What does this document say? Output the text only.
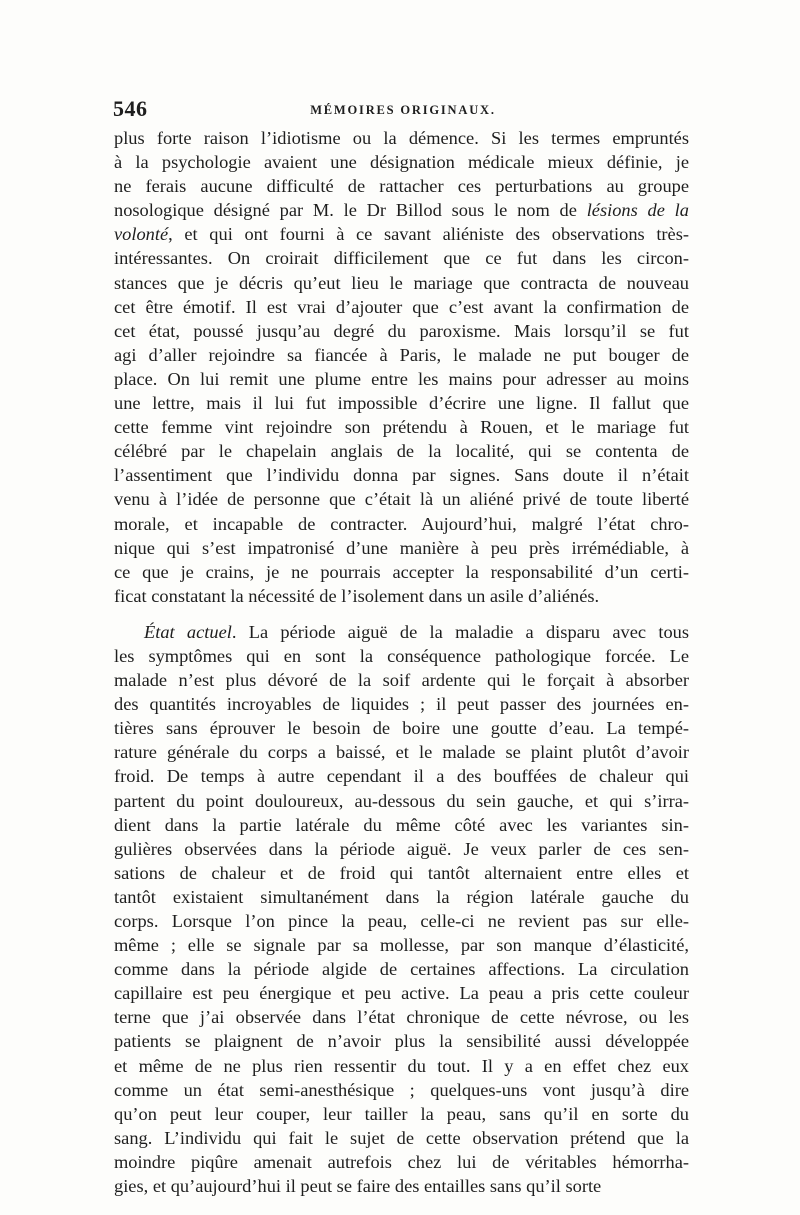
546	MÉMOIRES ORIGINAUX.
plus forte raison l’idiotisme ou la démence. Si les termes empruntés
à la psychologie avaient une désignation médicale mieux définie, je
ne ferais aucune difficulté de rattacher ces perturbations au groupe
nosologique désigné par M. le Dr Billod sous le nom de lésions de la
volonté, et qui ont fourni à ce savant aliéniste des observations très-
intéressantes. On croirait difficilement que ce fut dans les circon-
stances que je décris qu’eut lieu le mariage que contracta de nouveau
cet être émotif. Il est vrai d’ajouter que c’est avant la confirmation de
cet état, poussé jusqu’au degré du paroxisme. Mais lorsqu’il se fut
agi d’aller rejoindre sa fiancée à Paris, le malade ne put bouger de
place. On lui remit une plume entre les mains pour adresser au moins
une lettre, mais il lui fut impossible d’écrire une ligne. Il fallut que
cette femme vint rejoindre son prétendu à Rouen, et le mariage fut
célébré par le chapelain anglais de la localité, qui se contenta de
l’assentiment que l’individu donna par signes. Sans doute il n’était
venu à l’idée de personne que c’était là un aliéné privé de toute liberté
morale, et incapable de contracter. Aujourd’hui, malgré l’état chro-
nique qui s’est impatronisé d’une manière à peu près irrémédiable, à
ce que je crains, je ne pourrais accepter la responsabilité d’un certi-
ficat constatant la nécessité de l’isolement dans un asile d’aliénés.
État actuel. La période aiguë de la maladie a disparu avec tous
les symptômes qui en sont la conséquence pathologique forcée. Le
malade n’est plus dévoré de la soif ardente qui le forçait à absorber
des quantités incroyables de liquides ; il peut passer des journées en-
tières sans éprouver le besoin de boire une goutte d’eau. La tempé-
rature générale du corps a baissé, et le malade se plaint plutôt d’avoir
froid. De temps à autre cependant il a des bouffées de chaleur qui
partent du point douloureux, au-dessous du sein gauche, et qui s’irra-
dient dans la partie latérale du même côté avec les variantes sin-
gulières observées dans la période aiguë. Je veux parler de ces sen-
sations de chaleur et de froid qui tantôt alternaient entre elles et
tantôt existaient simultanément dans la région latérale gauche du
corps. Lorsque l’on pince la peau, celle-ci ne revient pas sur elle-
même ; elle se signale par sa mollesse, par son manque d’élasticité,
comme dans la période algide de certaines affections. La circulation
capillaire est peu énergique et peu active. La peau a pris cette couleur
terne que j’ai observée dans l’état chronique de cette névrose, ou les
patients se plaignent de n’avoir plus la sensibilité aussi développée
et même de ne plus rien ressentir du tout. Il y a en effet chez eux
comme un état semi-anesthésique ; quelques-uns vont jusqu’à dire
qu’on peut leur couper, leur tailler la peau, sans qu’il en sorte du
sang. L’individu qui fait le sujet de cette observation prétend que la
moindre piqûre amenait autrefois chez lui de véritables hémorrha-
gies, et qu’aujourd’hui il peut se faire des entailles sans qu’il sorte
